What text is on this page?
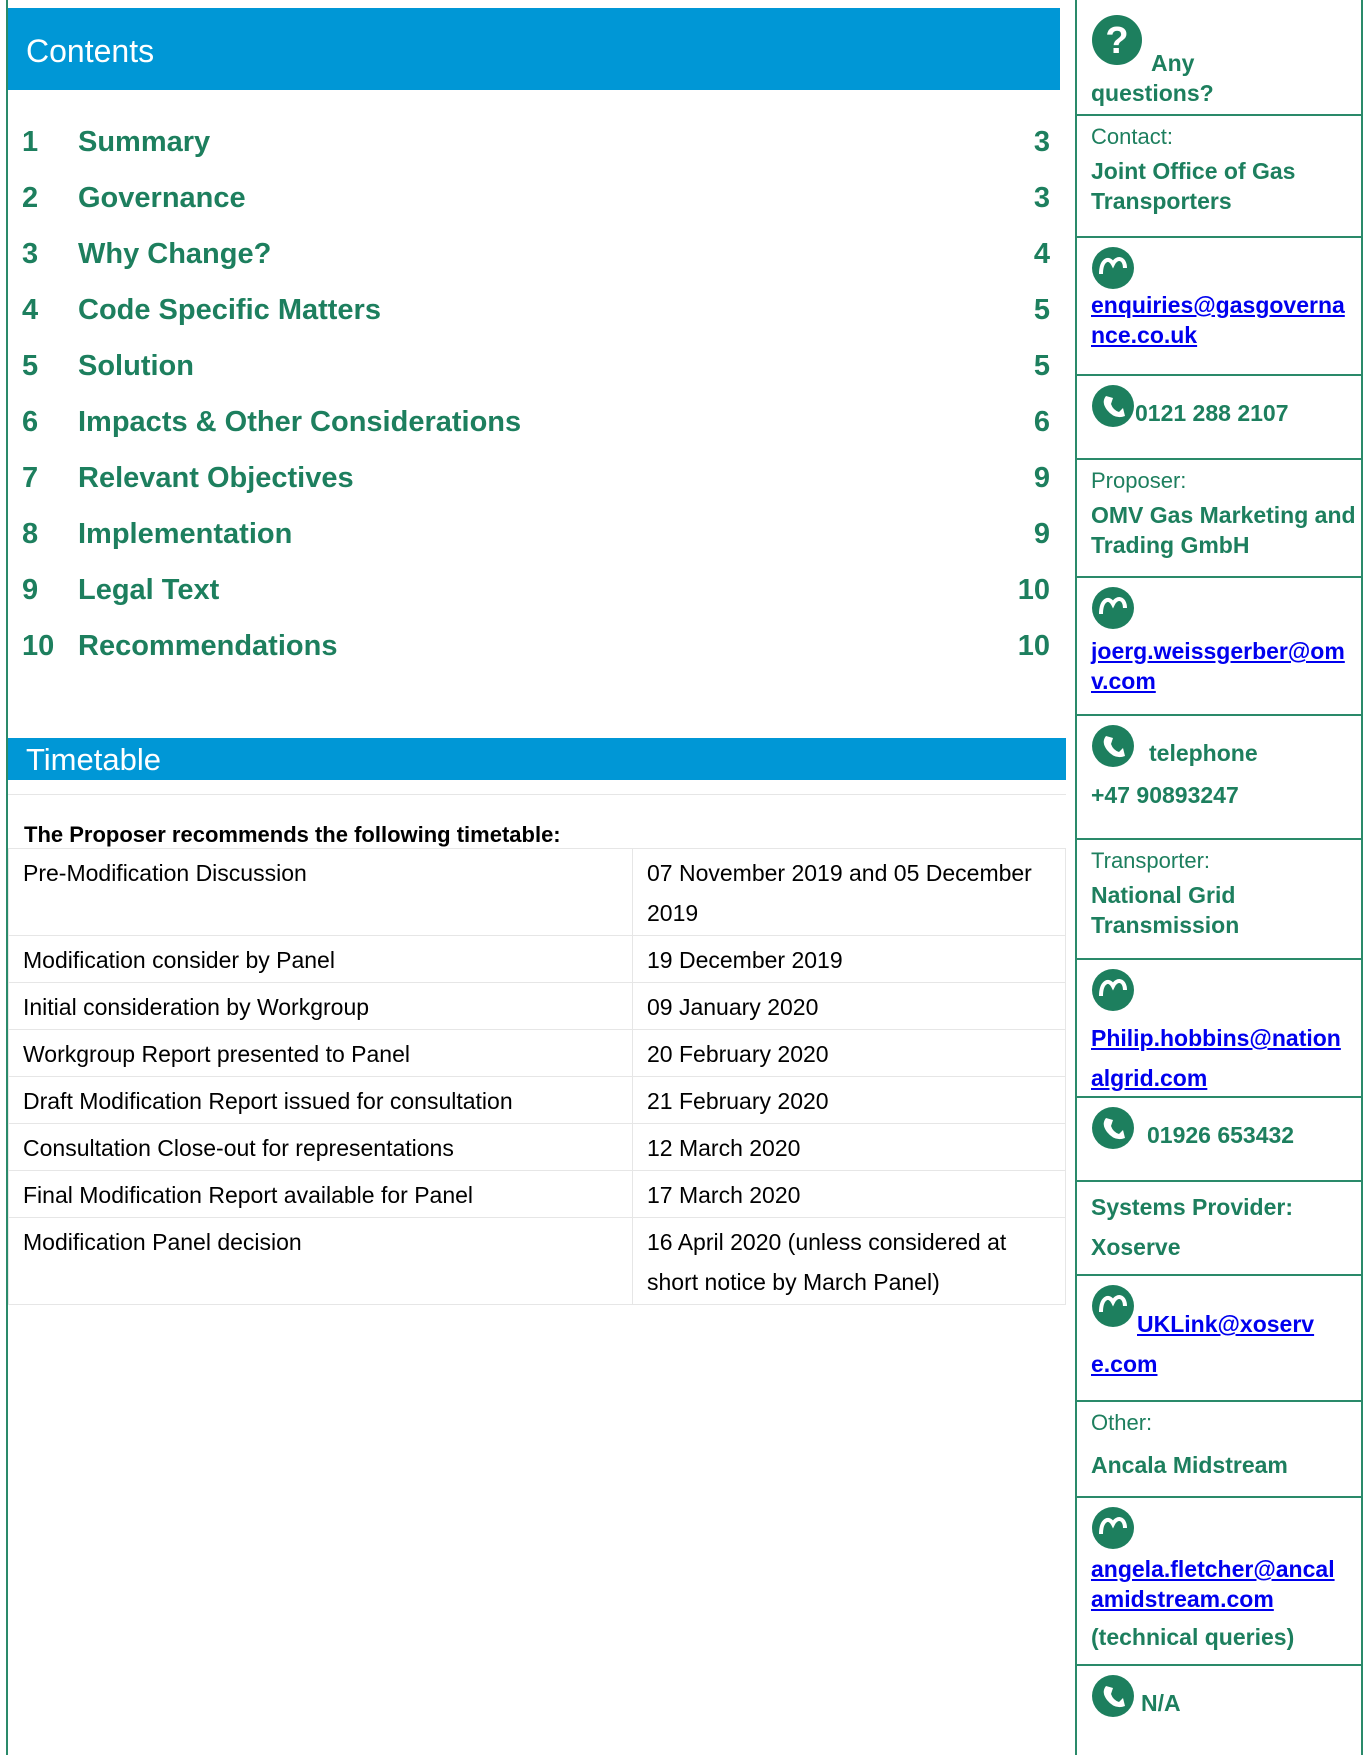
Contents
1 Summary	3
2 Governance	3
3 Why Change?	4
4 Code Specific Matters	5
5 Solution	5
6 Impacts & Other Considerations	6
7 Relevant Objectives	9
8 Implementation	9
9 Legal Text	10
10 Recommendations	10
Timetable
The Proposer recommends the following timetable:
Pre-Modification Discussion	07 November 2019 and 05 December 2019
Modification consider by Panel	19 December 2019
Initial consideration by Workgroup	09 January 2020
Workgroup Report presented to Panel	20 February 2020
Draft Modification Report issued for consultation	21 February 2020
Consultation Close-out for representations	12 March 2020
Final Modification Report available for Panel	17 March 2020
Modification Panel decision	16 April 2020 (unless considered at short notice by March Panel)
?
Any questions?
Contact:
Joint Office of Gas Transporters
enquiries@gasgovernance.co.uk
0121 288 2107
Proposer:
OMV Gas Marketing and Trading GmbH
joerg.weissgerber@omv.com
telephone
+47 90893247
Transporter:
National Grid Transmission
Philip.hobbins@nationalgrid.com
01926 653432
Systems Provider:
Xoserve
UKLink@xoserve.com
Other:
Ancala Midstream
angela.fletcher@ancalamidstream.com
(technical queries)
N/A
